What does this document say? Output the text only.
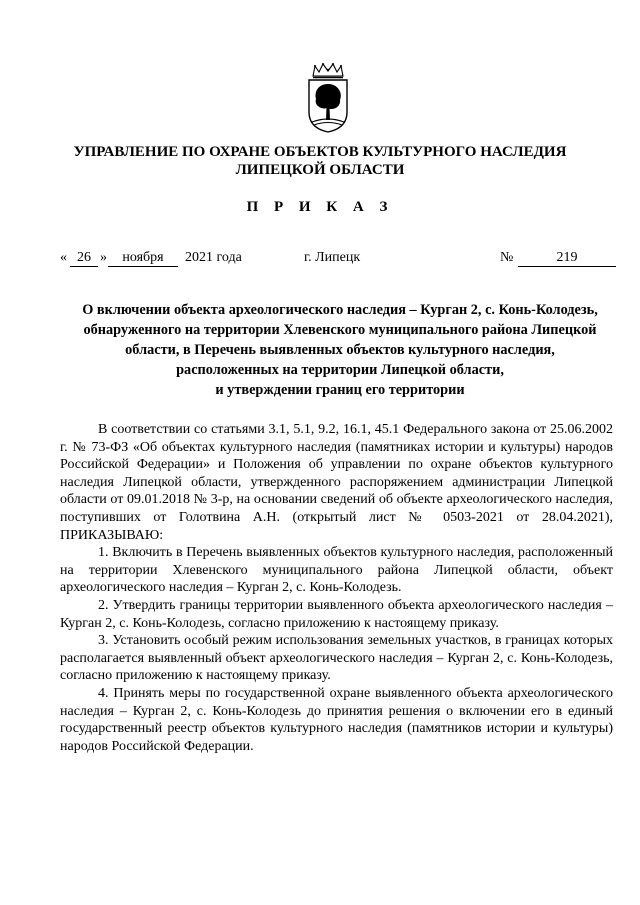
УПРАВЛЕНИЕ ПО ОХРАНЕ ОБЪЕКТОВ КУЛЬТУРНОГО НАСЛЕДИЯ
ЛИПЕЦКОЙ ОБЛАСТИ
П Р И К А З
« 26 »	ноября	2021 года	г. Липецк	№	219
О включении объекта археологического наследия – Курган 2, с. Конь-Колодезь,
обнаруженного на территории Хлевенского муниципального района Липецкой
области, в Перечень выявленных объектов культурного наследия,
расположенных на территории Липецкой области,
и утверждении границ его территории

В соответствии со статьями 3.1, 5.1, 9.2, 16.1, 45.1 Федерального закона от 25.06.2002 г. № 73-ФЗ «Об объектах культурного наследия (памятниках истории и культуры) народов Российской Федерации» и Положения об управлении по охране объектов культурного наследия Липецкой области, утвержденного распоряжением администрации Липецкой области от 09.01.2018 № 3-р, на основании сведений об объекте археологического наследия, поступивших от Голотвина А.Н. (открытый лист № 0503-2021 от 28.04.2021), ПРИКАЗЫВАЮ:

1. Включить в Перечень выявленных объектов культурного наследия, расположенный на территории Хлевенского муниципального района Липецкой области, объект археологического наследия – Курган 2, с. Конь-Колодезь.

2. Утвердить границы территории выявленного объекта археологического наследия – Курган 2, с. Конь-Колодезь, согласно приложению к настоящему приказу.

3. Установить особый режим использования земельных участков, в границах которых располагается выявленный объект археологического наследия – Курган 2, с. Конь-Колодезь, согласно приложению к настоящему приказу.

4. Принять меры по государственной охране выявленного объекта археологического наследия – Курган 2, с. Конь-Колодезь до принятия решения о включении его в единый государственный реестр объектов культурного наследия (памятников истории и культуры) народов Российской Федерации.
